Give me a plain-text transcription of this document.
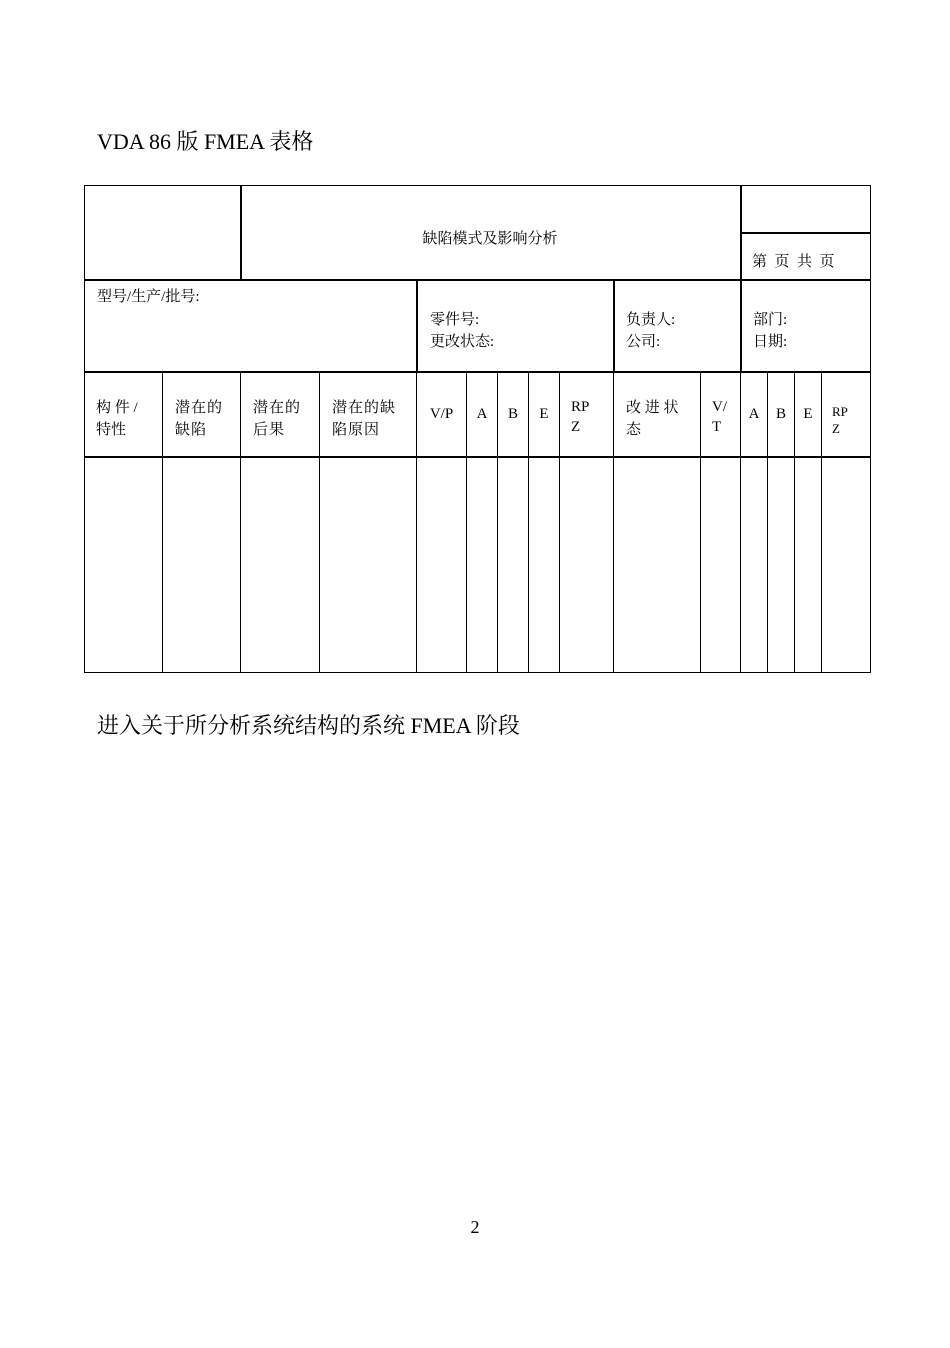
VDA 86 版 FMEA 表格
缺陷模式及影响分析
第  页  共  页
型号/生产/批号:
零件号:
更改状态:
负责人:
公司:
部门:
日期:
构 件 /
特性
潜在的
缺陷
潜在的
后果
潜在的缺
陷原因
V/P A B E RP
Z
改 进 状
态
V/
T
A B E RP
Z
进入关于所分析系统结构的系统 FMEA 阶段
2
